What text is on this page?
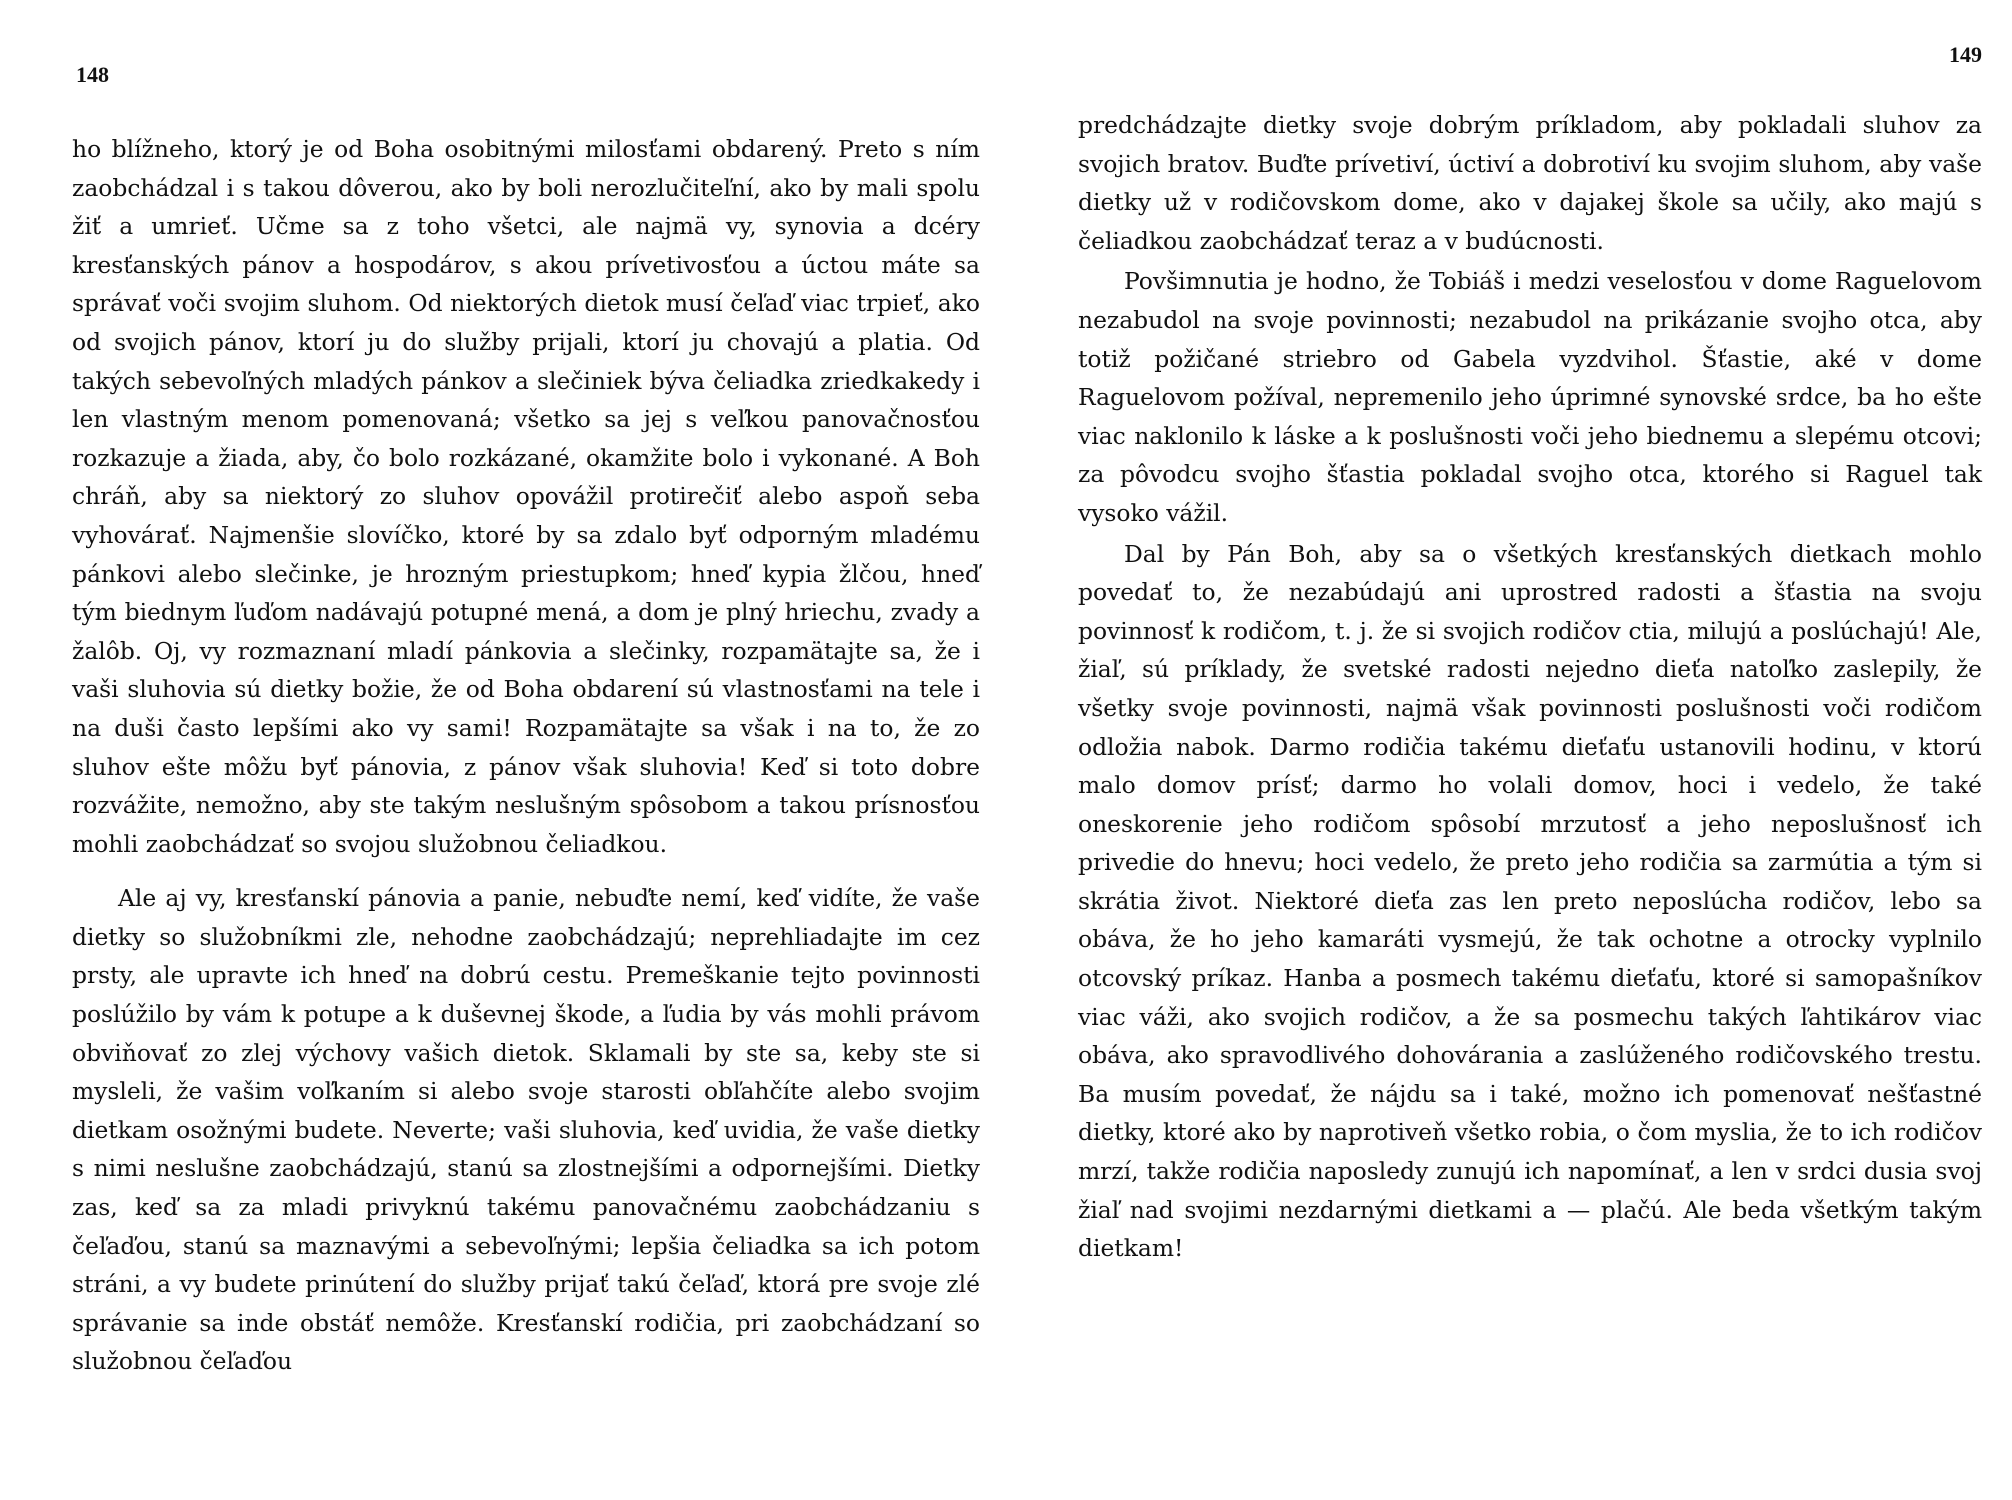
148

ho blížneho, ktorý je od Boha osobitnými milosťami obdarený. Preto s ním zaobchádzal i s takou dôverou, ako by boli nerozlučiteľní, ako by mali spolu žiť a umrieť. Učme sa z toho všetci, ale najmä vy, synovia a dcéry kresťanských pánov a hospodárov, s akou prívetivosťou a úctou máte sa správať voči svojim sluhom. Od niektorých dietok musí čeľaď viac trpieť, ako od svojich pánov, ktorí ju do služby prijali, ktorí ju chovajú a platia. Od takých sebevoľných mladých pánkov a slečiniek býva čeliadka zriedkakedy i len vlastným menom pomenovaná; všetko sa jej s veľkou panovačnosťou rozkazuje a žiada, aby, čo bolo rozkázané, okamžite bolo i vykonané. A Boh chráň, aby sa niektorý zo sluhov opovážil protirečiť alebo aspoň seba vyhovárať. Najmenšie slovíčko, ktoré by sa zdalo byť odporným mladému pánkovi alebo slečinke, je hrozným priestupkom; hneď kypia žlčou, hneď tým biednym ľuďom nadávajú potupné mená, a dom je plný hriechu, zvady a žalôb. Oj, vy rozmaznaní mladí pánkovia a slečinky, rozpamätajte sa, že i vaši sluhovia sú dietky božie, že od Boha obdarení sú vlastnosťami na tele i na duši často lepšími ako vy sami! Rozpamätajte sa však i na to, že zo sluhov ešte môžu byť pánovia, z pánov však sluhovia! Keď si toto dobre rozvážite, nemožno, aby ste takým neslušným spôsobom a takou prísnosťou mohli zaobchádzať so svojou služobnou čeliadkou.

Ale aj vy, kresťanskí pánovia a panie, nebuďte nemí, keď vidíte, že vaše dietky so služobníkmi zle, nehodne zaobchádzajú; neprehliadajte im cez prsty, ale upravte ich hneď na dobrú cestu. Premeškanie tejto povinnosti poslúžilo by vám k potupe a k duševnej škode, a ľudia by vás mohli právom obviňovať zo zlej výchovy vašich dietok. Sklamali by ste sa, keby ste si mysleli, že vašim voľkaním si alebo svoje starosti obľahčíte alebo svojim dietkam osožnými budete. Neverte; vaši sluhovia, keď uvidia, že vaše dietky s nimi neslušne zaobchádzajú, stanú sa zlostnejšími a odpornejšími. Dietky zas, keď sa za mladi privyknú takému panovačnému zaobchádzaniu s čeľaďou, stanú sa maznavými a sebevoľnými; lepšia čeliadka sa ich potom stráni, a vy budete prinútení do služby prijať takú čeľaď, ktorá pre svoje zlé správanie sa inde obstáť nemôže. Kresťanskí rodičia, pri zaobchádzaní so služobnou čeľaďou

149

predchádzajte dietky svoje dobrým príkladom, aby pokladali sluhov za svojich bratov. Buďte prívetiví, úctiví a dobrotiví ku svojim sluhom, aby vaše dietky už v rodičovskom dome, ako v dajakej škole sa učily, ako majú s čeliadkou zaobchádzať teraz a v budúcnosti.

Povšimnutia je hodno, že Tobiáš i medzi veselosťou v dome Raguelovom nezabudol na svoje povinnosti; nezabudol na prikázanie svojho otca, aby totiž požičané striebro od Gabela vyzdvihol. Šťastie, aké v dome Raguelovom požíval, nepremenilo jeho úprimné synovské srdce, ba ho ešte viac naklonilo k láske a k poslušnosti voči jeho biednemu a slepému otcovi; za pôvodcu svojho šťastia pokladal svojho otca, ktorého si Raguel tak vysoko vážil.

Dal by Pán Boh, aby sa o všetkých kresťanských dietkach mohlo povedať to, že nezabúdajú ani uprostred radosti a šťastia na svoju povinnosť k rodičom, t. j. že si svojich rodičov ctia, milujú a poslúchajú! Ale, žiaľ, sú príklady, že svetské radosti nejedno dieťa natoľko zaslepily, že všetky svoje povinnosti, najmä však povinnosti poslušnosti voči rodičom odložia nabok. Darmo rodičia takému dieťaťu ustanovili hodinu, v ktorú malo domov prísť; darmo ho volali domov, hoci i vedelo, že také oneskorenie jeho rodičom spôsobí mrzutosť a jeho neposlušnosť ich privedie do hnevu; hoci vedelo, že preto jeho rodičia sa zarmútia a tým si skrátia život. Niektoré dieťa zas len preto neposlúcha rodičov, lebo sa obáva, že ho jeho kamaráti vysmejú, že tak ochotne a otrocky vyplnilo otcovský príkaz. Hanba a posmech takému dieťaťu, ktoré si samopašníkov viac váži, ako svojich rodičov, a že sa posmechu takých ľahtikárov viac obáva, ako spravodlivého dohovárania a zaslúženého rodičovského trestu. Ba musím povedať, že nájdu sa i také, možno ich pomenovať nešťastné dietky, ktoré ako by naprotiveň všetko robia, o čom myslia, že to ich rodičov mrzí, takže rodičia naposledy zunujú ich napomínať, a len v srdci dusia svoj žiaľ nad svojimi nezdarnými dietkami a — plačú. Ale beda všetkým takým dietkam!
